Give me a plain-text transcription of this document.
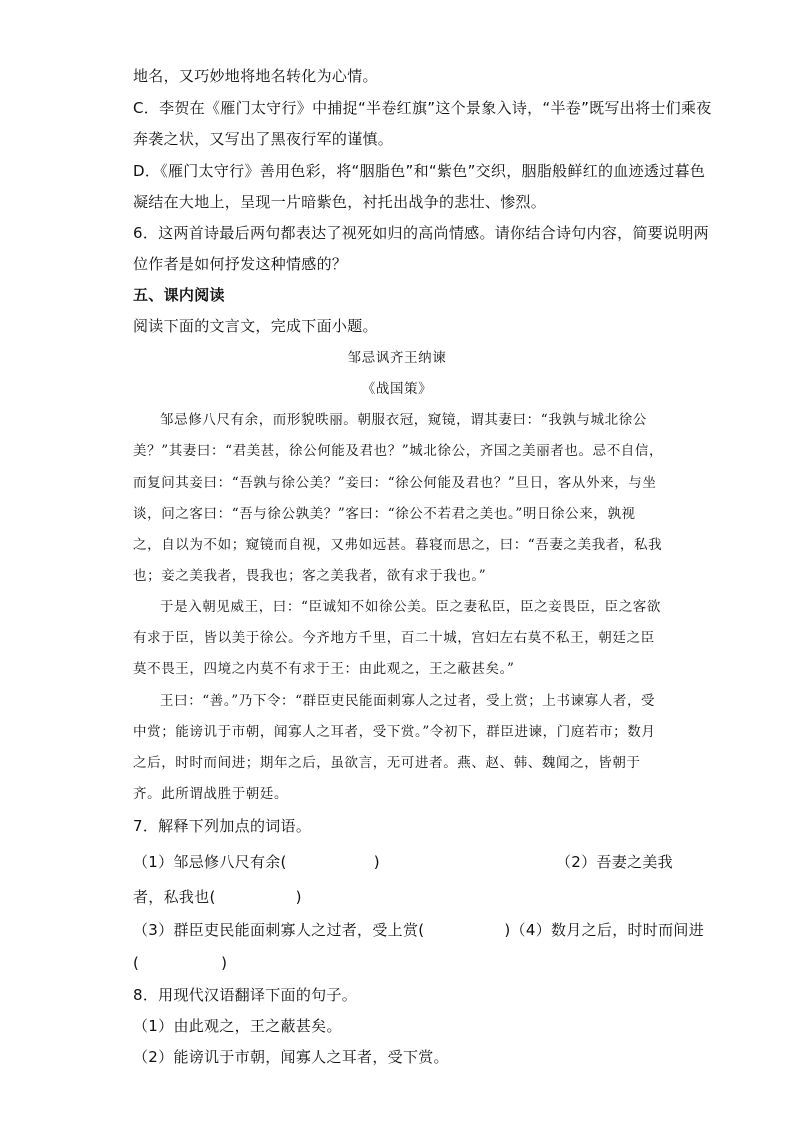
地名，又巧妙地将地名转化为心情。
C．李贺在《雁门太守行》中捕捉“半卷红旗”这个景象入诗，“半卷”既写出将士们乘夜
奔袭之状，又写出了黑夜行军的谨慎。
D．《雁门太守行》善用色彩，将“胭脂色”和“紫色”交织，胭脂般鲜红的血迹透过暮色
凝结在大地上，呈现一片暗紫色，衬托出战争的悲壮、惨烈。
6．这两首诗最后两句都表达了视死如归的高尚情感。请你结合诗句内容，简要说明两
位作者是如何抒发这种情感的？
五、课内阅读
阅读下面的文言文，完成下面小题。
邹忌讽齐王纳谏
《战国策》
邹忌修八尺有余，而形貌昳丽。朝服衣冠，窥镜，谓其妻曰：“我孰与城北徐公
美？”其妻曰：“君美甚，徐公何能及君也？”城北徐公，齐国之美丽者也。忌不自信，
而复问其妾曰：“吾孰与徐公美？”妾曰：“徐公何能及君也？”旦日，客从外来，与坐
谈，问之客曰：“吾与徐公孰美？”客曰：“徐公不若君之美也。”明日徐公来，孰视
之，自以为不如；窥镜而自视，又弗如远甚。暮寝而思之，曰：“吾妻之美我者，私我
也；妾之美我者，畏我也；客之美我者，欲有求于我也。”
于是入朝见威王，曰：“臣诚知不如徐公美。臣之妻私臣，臣之妾畏臣，臣之客欲
有求于臣，皆以美于徐公。今齐地方千里，百二十城，宫妇左右莫不私王，朝廷之臣
莫不畏王，四境之内莫不有求于王：由此观之，王之蔽甚矣。”
王曰：“善。”乃下令：“群臣吏民能面刺寡人之过者，受上赏；上书谏寡人者，受
中赏；能谤讥于市朝，闻寡人之耳者，受下赏。”令初下，群臣进谏，门庭若市；数月
之后，时时而间进；期年之后，虽欲言，无可进者。燕、赵、韩、魏闻之，皆朝于
齐。此所谓战胜于朝廷。
7．解释下列加点的词语。
（1）邹忌修八尺有余(	)	（2）吾妻之美我
者，私我也(	)
（3）群臣吏民能面刺寡人之过者，受上赏(	)（4）数月之后，时时而间进
(	)
8．用现代汉语翻译下面的句子。
（1）由此观之，王之蔽甚矣。
（2）能谤讥于市朝，闻寡人之耳者，受下赏。
